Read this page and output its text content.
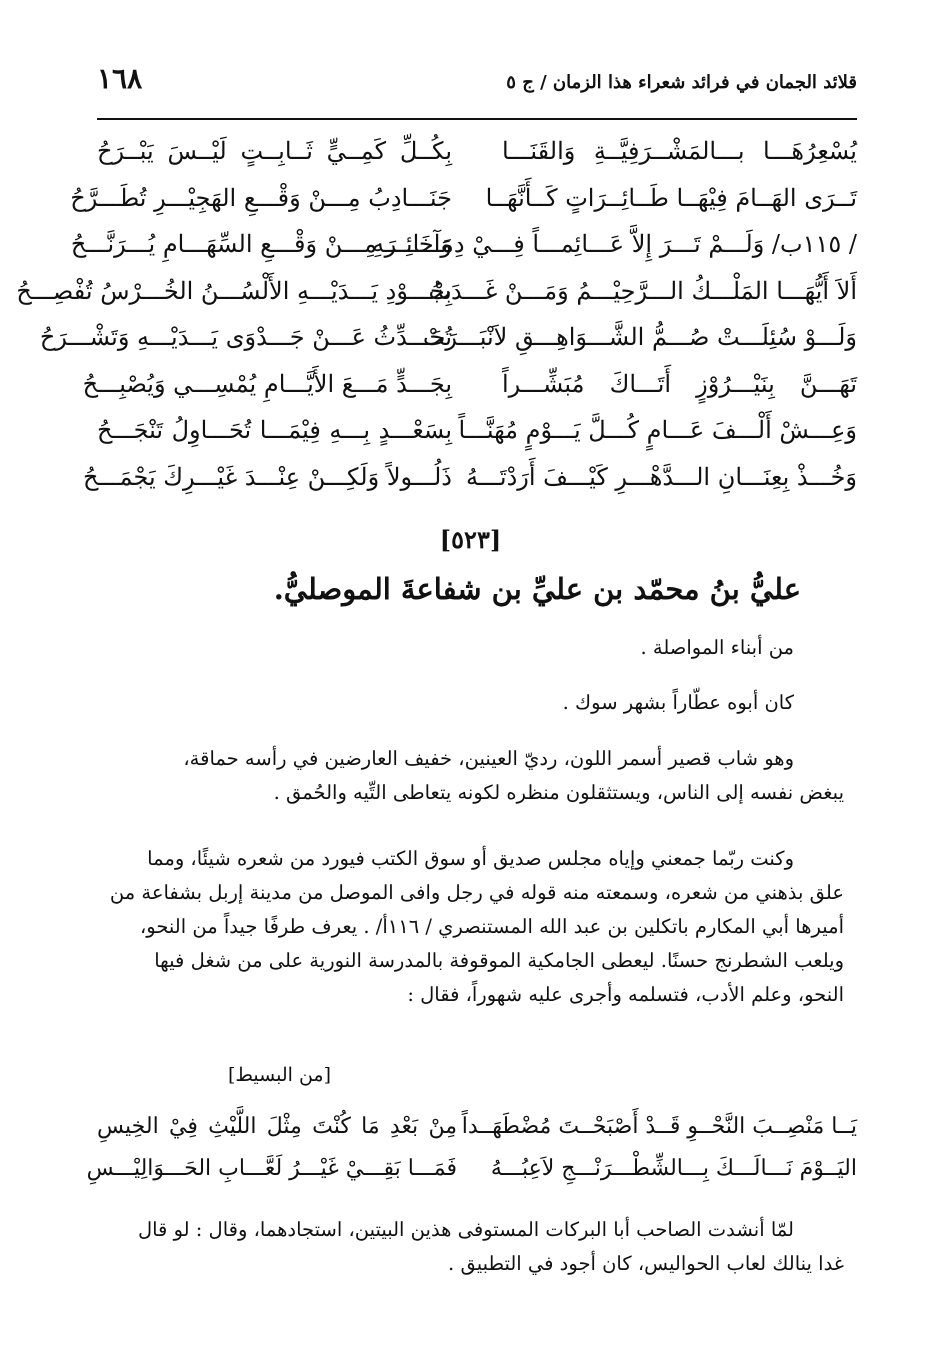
١٦٨	قلائد الجمان في فرائد شعراء هذا الزمان / ج ٥
يُسْعِرُهَـــا بـــالمَشْــرَفِيَّــةِ وَالقَنَـــا
بِكُــلِّ كَمِــيٍّ ثَــابِــتٍ لَيْــسَ يَبْــرَحُ
تَــرَى الهَــامَ فِيْهَــا طَــائِــرَاتٍ كَــأَنَّهَــا
جَنَـــادِبُ مِـــنْ وَقْـــعِ الهَجِيْـــرِ تُطَـــرَّحُ
/ ١١٥ب/ وَلَـــمْ تَـــرَ إِلاَّ عَـــائِمـــاً فِـــيْ دِمَـــائِـــهِ
وَآخَـــرَ مِـــنْ وَقْـــعِ السِّهَـــامِ يُـــرَنَّـــحُ
أَلاَ أَيُّهَـــا المَلْـــكُ الـــرَّحِيْـــمُ وَمَـــنْ غَـــدَتْ
بِجُـــوْدِ يَـــدَيْـــهِ الأَلْسُـــنُ الخُـــرْسُ تُفْصِـــحُ
وَلَـــوْ سُئِلَـــتْ صُـــمُّ الشَّـــوَاهِـــقِ لاَنْبَـــرَتْ
تُحَـــدِّثُ عَـــنْ جَـــدْوَى يَـــدَيْـــهِ وَتَشْـــرَحُ
تَهَـــنَّ بِنَيْـــرُوْزٍ أَتَـــاكَ مُبَشِّـــراً
بِجَـــدٍّ مَـــعَ الأَيَّـــامِ يُمْسِـــي وَيُصْبِـــحُ
وَعِـــشْ أَلْـــفَ عَـــامٍ كُـــلَّ يَـــوْمٍ مُهَنَّـــاً
بِسَعْـــدٍ بِـــهِ فِيْمَـــا تُحَـــاوِلُ تَنْجَـــحُ
وَخُـــذْ بِعِنَـــانِ الـــدَّهْـــرِ كَيْـــفَ أَرَدْتَـــهُ
ذَلُـــولاً وَلَكِـــنْ عِنْـــدَ غَيْـــرِكَ يَجْمَـــحُ
[٥٢٣]
عليُّ بنُ محمّد بن عليِّ بن شفاعةَ الموصليُّ.
من أبناء المواصلة .
كان أبوه عطّاراً بشهر سوك .
وهو شاب قصير أسمر اللون، رديّ العينين، خفيف العارضين في رأسه حماقة،
يبغض نفسه إلى الناس، ويستثقلون منظره لكونه يتعاطى التِّيه والحُمق .
وكنت ربّما جمعني وإياه مجلس صديق أو سوق الكتب فيورد من شعره شيئًا، ومما
علق بذهني من شعره، وسمعته منه قوله في رجل وافى الموصل من مدينة إربل بشفاعة من
أميرها أبي المكارم باتكلين بن عبد الله المستنصري / ١١٦أ/ . يعرف طرفًا جيداً من النحو،
ويلعب الشطرنج حسنًا. ليعطى الجامكية الموقوفة بالمدرسة النورية على من شغل فيها
النحو، وعلم الأدب، فتسلمه وأجرى عليه شهوراً، فقال :
[من البسيط]
يَــا مَنْصِــبَ النَّحْــوِ قَــدْ أَصْبَحْــتَ مُضْطَهَــداً
مِنْ بَعْدِ مَا كُنْتَ مِثْلَ اللَّيْثِ فِيْ الخِيسِ
اليَــوْمَ نَـــالَـــكَ بِـــالشِّطْـــرَنْـــجِ لاَعِبُـــهُ
فَمَـــا بَقِـــيْ غَيْـــرُ لَعَّـــابِ الحَـــوَالِيْـــسِ
لمّا أنشدت الصاحب أبا البركات المستوفى هذين البيتين، استجادهما، وقال : لو قال
غدا ينالك لعاب الحواليس، كان أجود في التطبيق .
